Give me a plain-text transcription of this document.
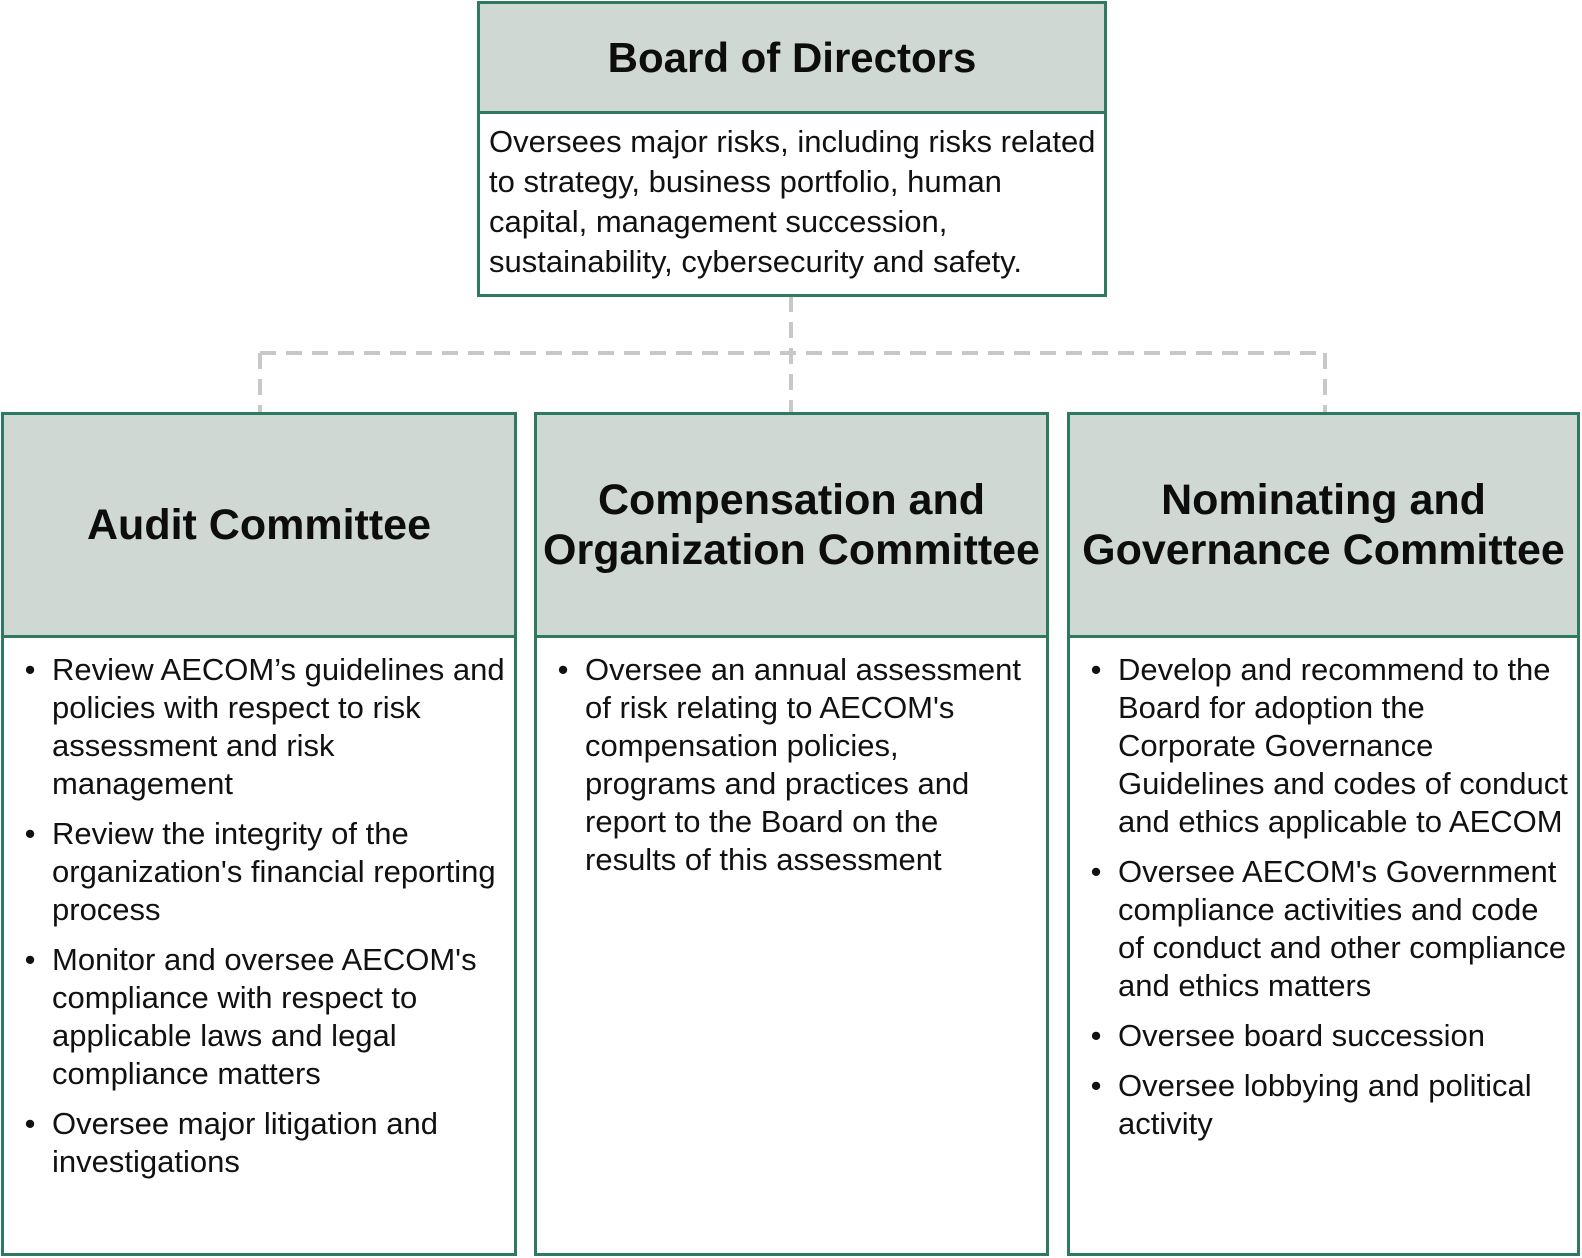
Board of Directors
Oversees major risks, including risks related to strategy, business portfolio, human capital, management succession, sustainability, cybersecurity and safety.
Audit Committee
• Review AECOM’s guidelines and policies with respect to risk assessment and risk management
• Review the integrity of the organization's financial reporting process
• Monitor and oversee AECOM's compliance with respect to applicable laws and legal compliance matters
• Oversee major litigation and investigations
Compensation and Organization Committee
• Oversee an annual assessment of risk relating to AECOM's compensation policies, programs and practices and report to the Board on the results of this assessment
Nominating and Governance Committee
• Develop and recommend to the Board for adoption the Corporate Governance Guidelines and codes of conduct and ethics applicable to AECOM
• Oversee AECOM's Government compliance activities and code of conduct and other compliance and ethics matters
• Oversee board succession
• Oversee lobbying and political activity
